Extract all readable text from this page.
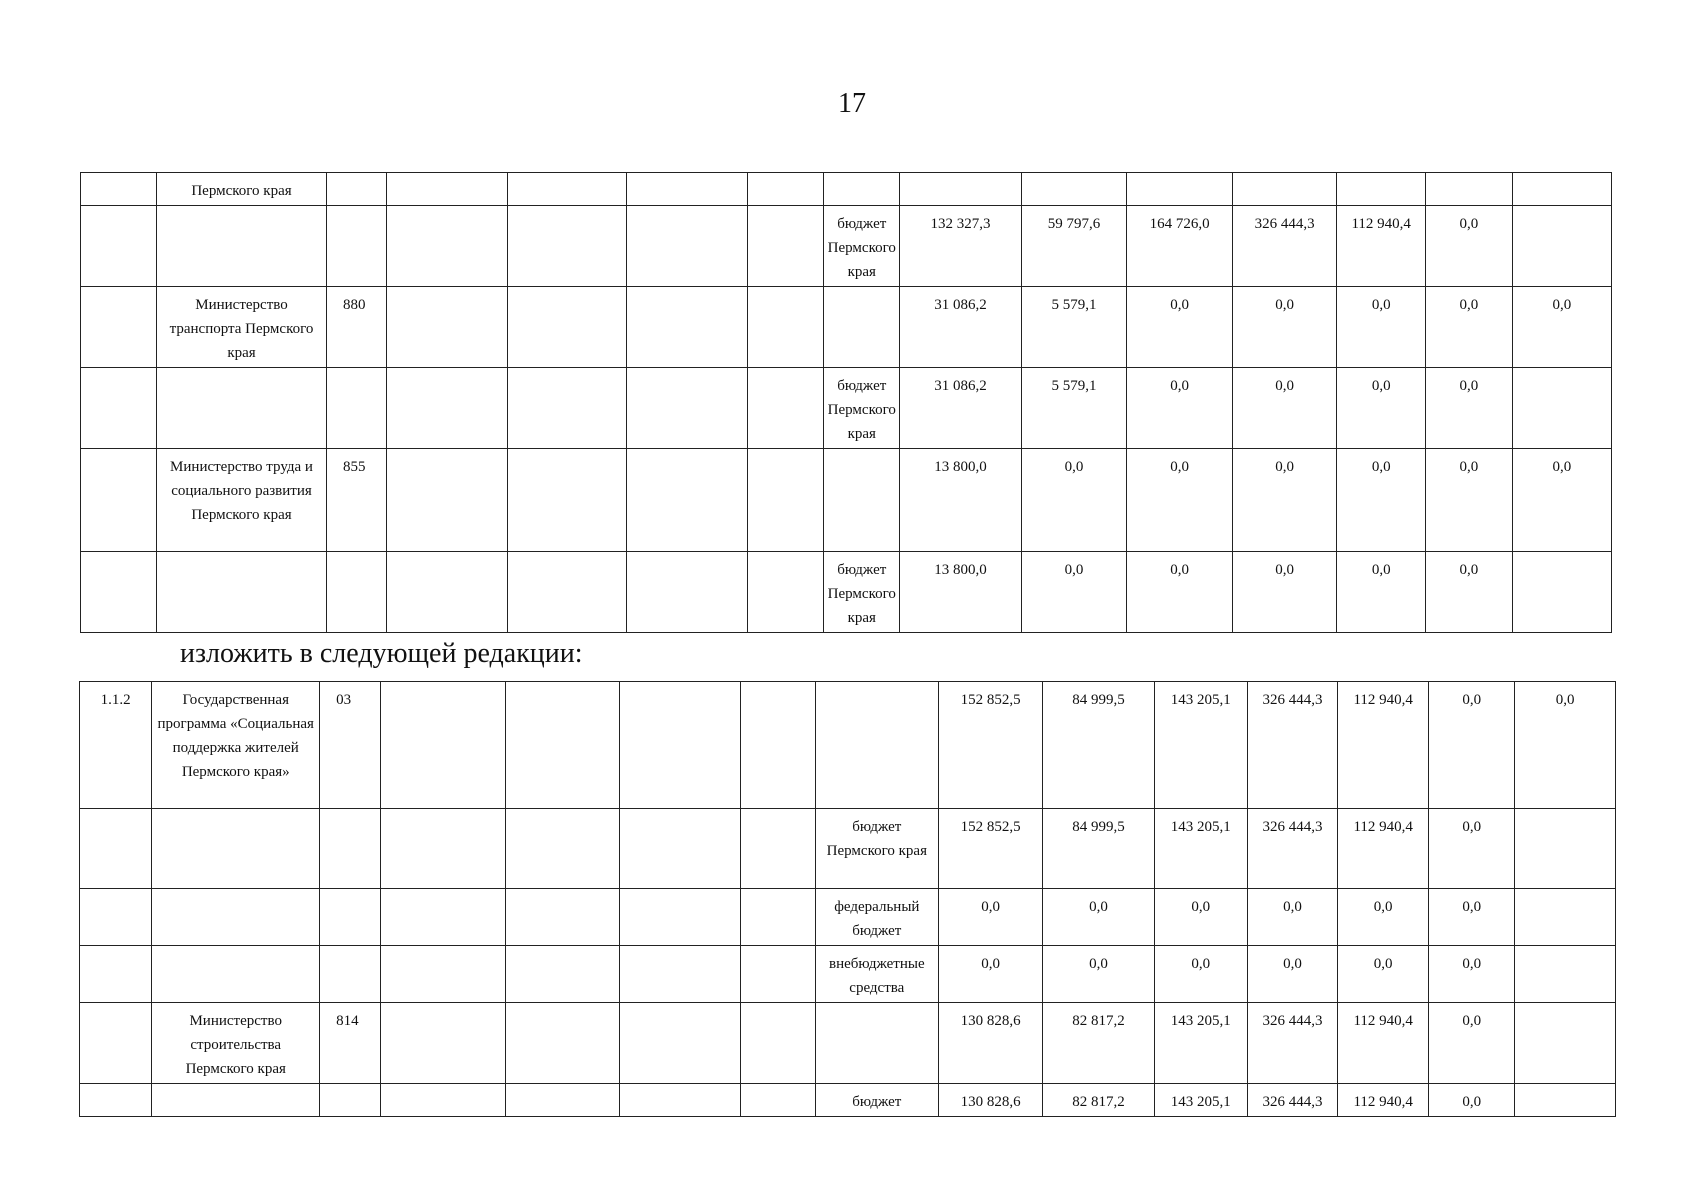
17
	Пермского края													
							бюджет Пермского края	132 327,3	59 797,6	164 726,0	326 444,3	112 940,4	0,0	
	Министерство транспорта Пермского края	880						31 086,2	5 579,1	0,0	0,0	0,0	0,0	0,0
							бюджет Пермского края	31 086,2	5 579,1	0,0	0,0	0,0	0,0	
	Министерство труда и социального развития Пермского края	855						13 800,0	0,0	0,0	0,0	0,0	0,0	0,0
							бюджет Пермского края	13 800,0	0,0	0,0	0,0	0,0	0,0	
изложить в следующей редакции:
1.1.2	Государственная программа «Социальная поддержка жителей Пермского края»	03						152 852,5	84 999,5	143 205,1	326 444,3	112 940,4	0,0	0,0
							бюджет Пермского края	152 852,5	84 999,5	143 205,1	326 444,3	112 940,4	0,0	
							федеральный бюджет	0,0	0,0	0,0	0,0	0,0	0,0	
							внебюджетные средства	0,0	0,0	0,0	0,0	0,0	0,0	
	Министерство строительства Пермского края	814						130 828,6	82 817,2	143 205,1	326 444,3	112 940,4	0,0	
							бюджет	130 828,6	82 817,2	143 205,1	326 444,3	112 940,4	0,0	
